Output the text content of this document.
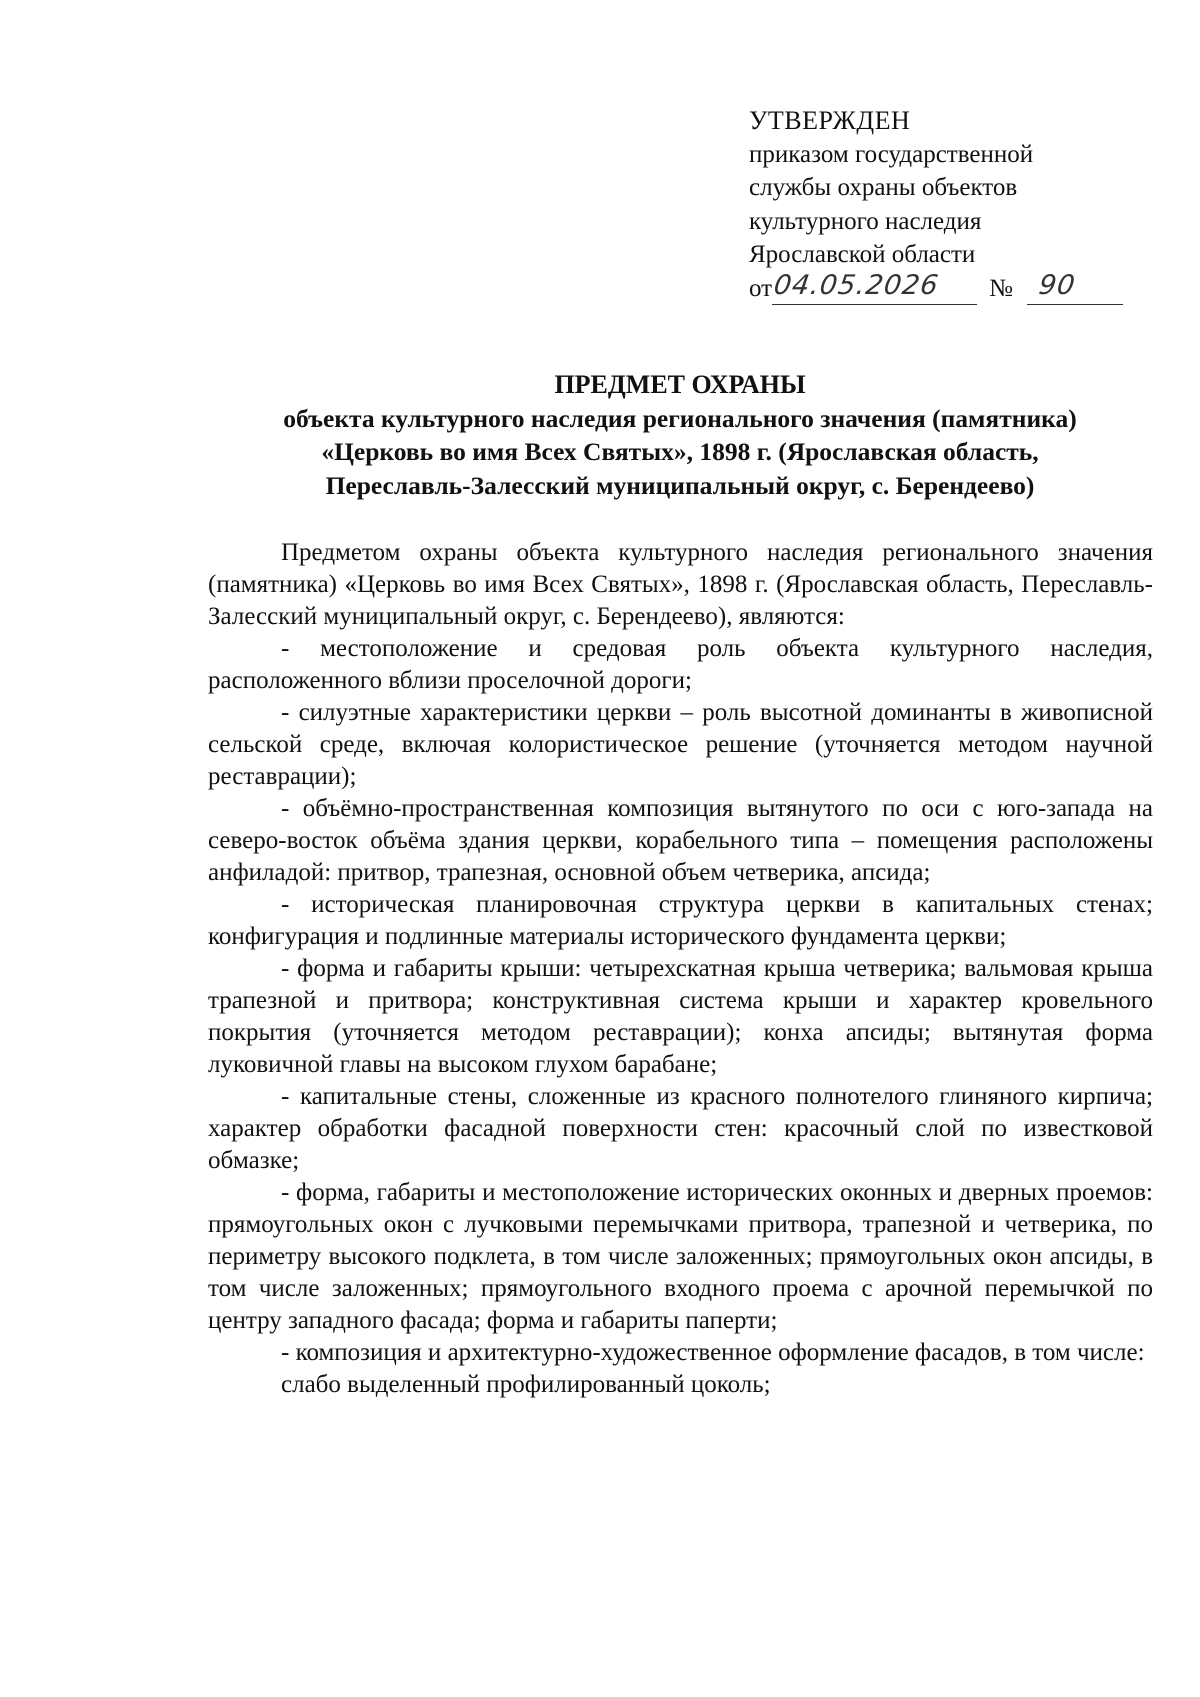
УТВЕРЖДЕН
приказом государственной
службы охраны объектов
культурного наследия
Ярославской области
от 04.05.2026 № 90
ПРЕДМЕТ ОХРАНЫ
объекта культурного наследия регионального значения (памятника)
«Церковь во имя Всех Святых», 1898 г. (Ярославская область,
Переславль-Залесский муниципальный округ, с. Берендеево)

Предметом охраны объекта культурного наследия регионального значения (памятника) «Церковь во имя Всех Святых», 1898 г. (Ярославская область, Переславль-Залесский муниципальный округ, с. Берендеево), являются:

- местоположение и средовая роль объекта культурного наследия, расположенного вблизи проселочной дороги;

- силуэтные характеристики церкви – роль высотной доминанты в живописной сельской среде, включая колористическое решение (уточняется методом научной реставрации);

- объёмно-пространственная композиция вытянутого по оси с юго-запада на северо-восток объёма здания церкви, корабельного типа – помещения расположены анфиладой: притвор, трапезная, основной объем четверика, апсида;

- историческая планировочная структура церкви в капитальных стенах; конфигурация и подлинные материалы исторического фундамента церкви;

- форма и габариты крыши: четырехскатная крыша четверика; вальмовая крыша трапезной и притвора; конструктивная система крыши и характер кровельного покрытия (уточняется методом реставрации); конха апсиды; вытянутая форма луковичной главы на высоком глухом барабане;

- капитальные стены, сложенные из красного полнотелого глиняного кирпича; характер обработки фасадной поверхности стен: красочный слой по известковой обмазке;

- форма, габариты и местоположение исторических оконных и дверных проемов: прямоугольных окон с лучковыми перемычками притвора, трапезной и четверика, по периметру высокого подклета, в том числе заложенных; прямоугольных окон апсиды, в том числе заложенных; прямоугольного входного проема с арочной перемычкой по центру западного фасада; форма и габариты паперти;

- композиция и архитектурно-художественное оформление фасадов, в том числе:

слабо выделенный профилированный цоколь;
